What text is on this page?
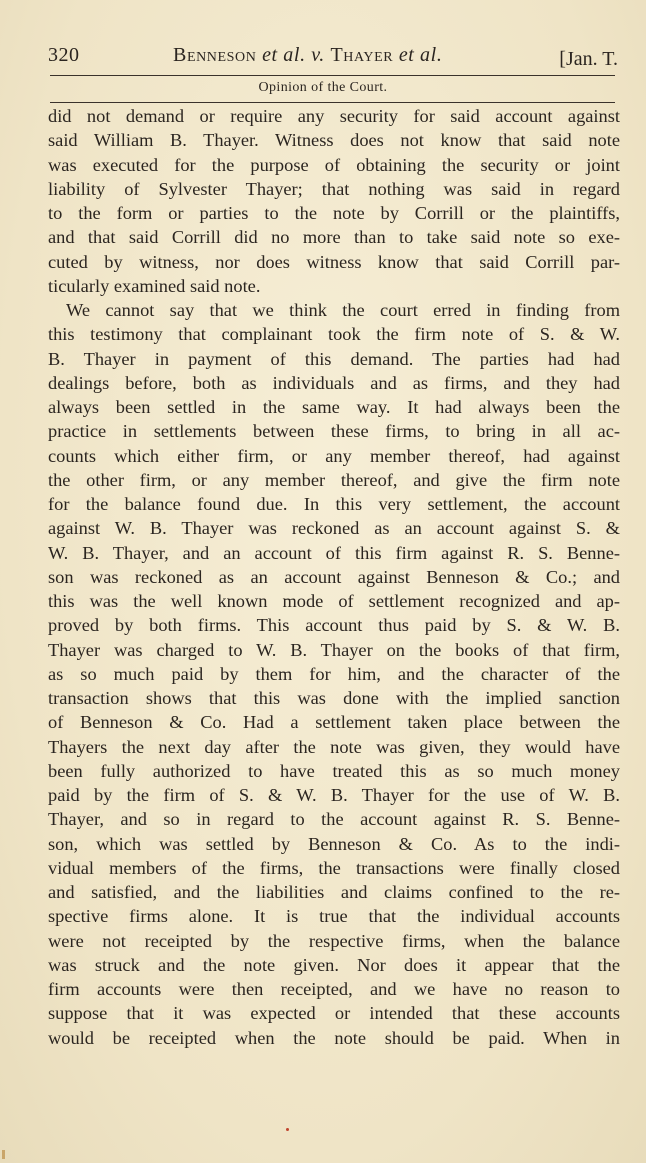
320	Benneson et al. v. Thayer et al.	[Jan. T.
Opinion of the Court.
did not demand or require any security for said account against
said William B. Thayer. Witness does not know that said note
was executed for the purpose of obtaining the security or joint
liability of Sylvester Thayer; that nothing was said in regard
to the form or parties to the note by Corrill or the plaintiffs,
and that said Corrill did no more than to take said note so exe-
cuted by witness, nor does witness know that said Corrill par-
ticularly examined said note.
We cannot say that we think the court erred in finding from
this testimony that complainant took the firm note of S. & W.
B. Thayer in payment of this demand. The parties had had
dealings before, both as individuals and as firms, and they had
always been settled in the same way. It had always been the
practice in settlements between these firms, to bring in all ac-
counts which either firm, or any member thereof, had against
the other firm, or any member thereof, and give the firm note
for the balance found due. In this very settlement, the account
against W. B. Thayer was reckoned as an account against S. &
W. B. Thayer, and an account of this firm against R. S. Benne-
son was reckoned as an account against Benneson & Co.; and
this was the well known mode of settlement recognized and ap-
proved by both firms. This account thus paid by S. & W. B.
Thayer was charged to W. B. Thayer on the books of that firm,
as so much paid by them for him, and the character of the
transaction shows that this was done with the implied sanction
of Benneson & Co. Had a settlement taken place between the
Thayers the next day after the note was given, they would have
been fully authorized to have treated this as so much money
paid by the firm of S. & W. B. Thayer for the use of W. B.
Thayer, and so in regard to the account against R. S. Benne-
son, which was settled by Benneson & Co. As to the indi-
vidual members of the firms, the transactions were finally closed
and satisfied, and the liabilities and claims confined to the re-
spective firms alone. It is true that the individual accounts
were not receipted by the respective firms, when the balance
was struck and the note given. Nor does it appear that the
firm accounts were then receipted, and we have no reason to
suppose that it was expected or intended that these accounts
would be receipted when the note should be paid. When in
